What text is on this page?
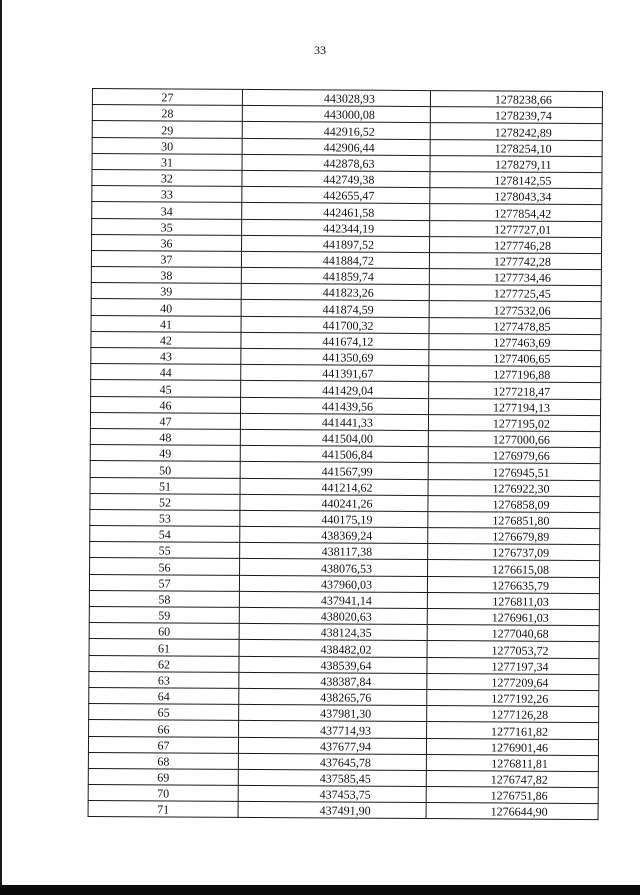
33
27	443028,93	1278238,66
28	443000,08	1278239,74
29	442916,52	1278242,89
30	442906,44	1278254,10
31	442878,63	1278279,11
32	442749,38	1278142,55
33	442655,47	1278043,34
34	442461,58	1277854,42
35	442344,19	1277727,01
36	441897,52	1277746,28
37	441884,72	1277742,28
38	441859,74	1277734,46
39	441823,26	1277725,45
40	441874,59	1277532,06
41	441700,32	1277478,85
42	441674,12	1277463,69
43	441350,69	1277406,65
44	441391,67	1277196,88
45	441429,04	1277218,47
46	441439,56	1277194,13
47	441441,33	1277195,02
48	441504,00	1277000,66
49	441506,84	1276979,66
50	441567,99	1276945,51
51	441214,62	1276922,30
52	440241,26	1276858,09
53	440175,19	1276851,80
54	438369,24	1276679,89
55	438117,38	1276737,09
56	438076,53	1276615,08
57	437960,03	1276635,79
58	437941,14	1276811,03
59	438020,63	1276961,03
60	438124,35	1277040,68
61	438482,02	1277053,72
62	438539,64	1277197,34
63	438387,84	1277209,64
64	438265,76	1277192,26
65	437981,30	1277126,28
66	437714,93	1277161,82
67	437677,94	1276901,46
68	437645,78	1276811,81
69	437585,45	1276747,82
70	437453,75	1276751,86
71	437491,90	1276644,90
